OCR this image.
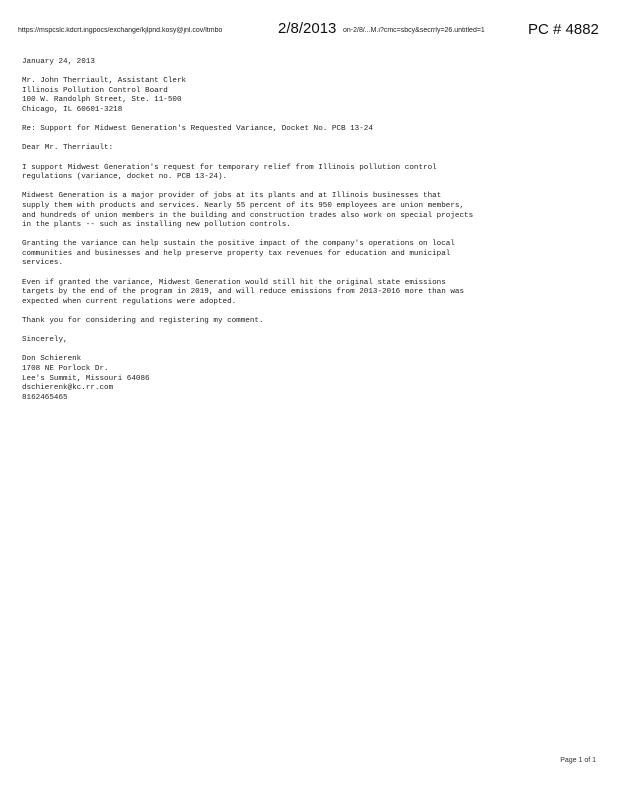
https://mspcslc.kdcrt.ingpocs/exchange/kjlpnd.kosy@jnl.cov/ltmbo	2/8/2013 on-2/8/...M.i?cmc=sbcy&secrrly=26.untitled=1	PC # 4882

January 24, 2013

Mr. John Therriault, Assistant Clerk
Illinois Pollution Control Board
100 W. Randolph Street, Ste. 11-500
Chicago, IL 60601-3218

Re: Support for Midwest Generation's Requested Variance, Docket No. PCB 13-24

Dear Mr. Therriault:

I support Midwest Generation's request for temporary relief from Illinois pollution control
regulations (variance, docket no. PCB 13-24).

Midwest Generation is a major provider of jobs at its plants and at Illinois businesses that
supply them with products and services. Nearly 55 percent of its 950 employees are union members,
and hundreds of union members in the building and construction trades also work on special projects
in the plants -- such as installing new pollution controls.

Granting the variance can help sustain the positive impact of the company's operations on local
communities and businesses and help preserve property tax revenues for education and municipal
services.

Even if granted the variance, Midwest Generation would still hit the original state emissions
targets by the end of the program in 2019, and will reduce emissions from 2013-2016 more than was
expected when current regulations were adopted.

Thank you for considering and registering my comment.

Sincerely,

Don Schierenk
1708 NE Porlock Dr.
Lee's Summit, Missouri 64086
dschierenk@kc.rr.com
8162465465

Page 1 of 1
